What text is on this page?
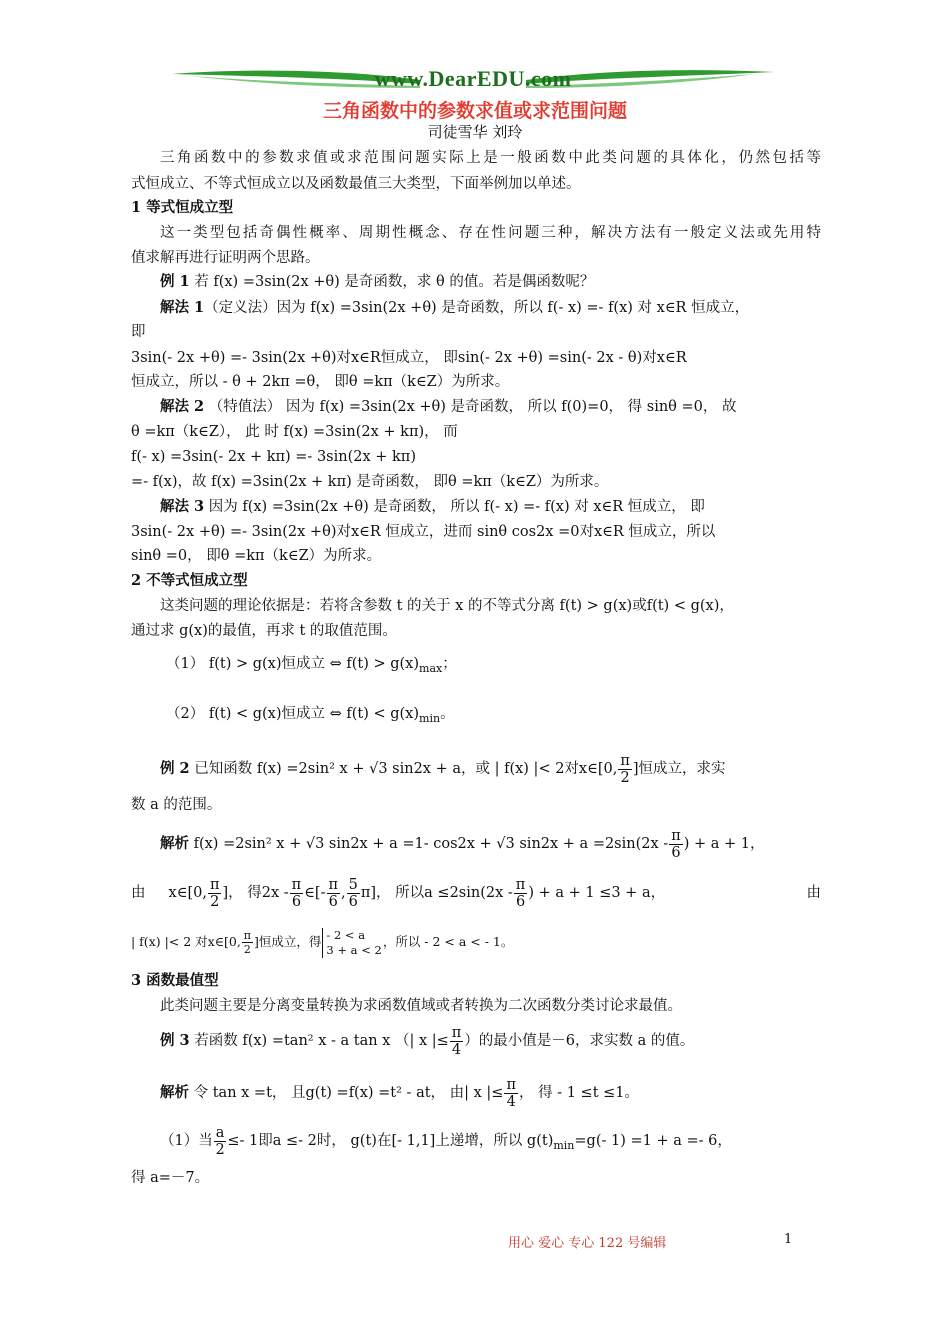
www.DearEDU.com
三角函数中的参数求值或求范围问题
司徒雪华 刘玲
三角函数中的参数求值或求范围问题实际上是一般函数中此类问题的具体化，仍然包括等
式恒成立、不等式恒成立以及函数最值三大类型，下面举例加以单述。
1 等式恒成立型
这一类型包括奇偶性概率、周期性概念、存在性问题三种，解决方法有一般定义法或先用特
值求解再进行证明两个思路。
例 1 若 f(x) =3sin(2x +θ) 是奇函数，求 θ 的值。若是偶函数呢？
解法 1（定义法）因为 f(x) =3sin(2x +θ) 是奇函数，所以 f(- x) =- f(x) 对 x∈R 恒成立，
即
3sin(- 2x +θ) =- 3sin(2x +θ)对x∈R恒成立， 即sin(- 2x +θ) =sin(- 2x - θ)对x∈R
恒成立，所以 - θ + 2kπ =θ， 即θ =kπ（k∈Z）为所求。
解法 2 （特值法） 因为 f(x) =3sin(2x +θ) 是奇函数， 所以 f(0)=0， 得 sinθ =0， 故
θ =kπ（k∈Z）， 此 时 f(x) =3sin(2x + kπ)， 而
f(- x) =3sin(- 2x + kπ) =- 3sin(2x + kπ)
=- f(x)，故 f(x) =3sin(2x + kπ) 是奇函数， 即θ =kπ（k∈Z）为所求。
解法 3 因为 f(x) =3sin(2x +θ) 是奇函数， 所以 f(- x) =- f(x) 对 x∈R 恒成立， 即
3sin(- 2x +θ) =- 3sin(2x +θ)对x∈R 恒成立，进而 sinθ cos2x =0对x∈R 恒成立，所以
sinθ =0， 即θ =kπ（k∈Z）为所求。
2 不等式恒成立型
这类问题的理论依据是：若将含参数 t 的关于 x 的不等式分离 f(t) > g(x)或f(t) < g(x)，
通过求 g(x)的最值，再求 t 的取值范围。
（1） f(t) > g(x)恒成立 ⇔ $f(t) > g(x)_{max}$；
（2） f(t) < g(x)恒成立 ⇔ $f(t) < g(x)_{min}$。
例 2 已知函数 f(x) =2sin² x + √3 sin2x + a，或 | f(x) |< 2对x∈[0, $\frac{\pi}{2}$ ]恒成立，求实
数 a 的范围。
解析 f(x) =2sin² x + √3 sin2x + a =1- cos2x + √3 $\sin 2x + a =2\sin(2x - \frac{\pi}{6}$ ) + a + 1，
由 x∈[0, $\frac{\pi}{2}$ ]， 得$2x - \frac{\pi}{6}$ ∈[- $\frac{\pi}{6}$ , $\frac{5}{6} \pi$]， 所以$a \le 2\sin(2x - \frac{\pi}{6}$ ) + a + 1 ≤3 + a，	由
| f(x) |< 2 对x∈[0, $\frac{\pi}{2}$ ]恒成立，得 - 2 < a
3 + a < 2
，所以 - 2 < a < - 1。
3 函数最值型
此类问题主要是分离变量转换为求函数值域或者转换为二次函数分类讨论求最值。
例 3 若函数 f(x) =tan² x - a tan x （| x |≤ $\frac{\pi}{4}$ ）的最小值是－6，求实数 a 的值。
解析 令 tan x =t， 且g(t) =f(x) =t² - at， 由| x |≤ $\frac{\pi}{4}$ ， 得 - 1 ≤t ≤1。
（1）当 $\frac{a}{2} \le- 1$即a ≤- 2时， g(t)在[- 1,1]上递增，所以 $g(t)_{min}=g(-$ 1) =1 + a =- 6，
得 a=－7。
用心 爱心 专心 122 号编辑	1
